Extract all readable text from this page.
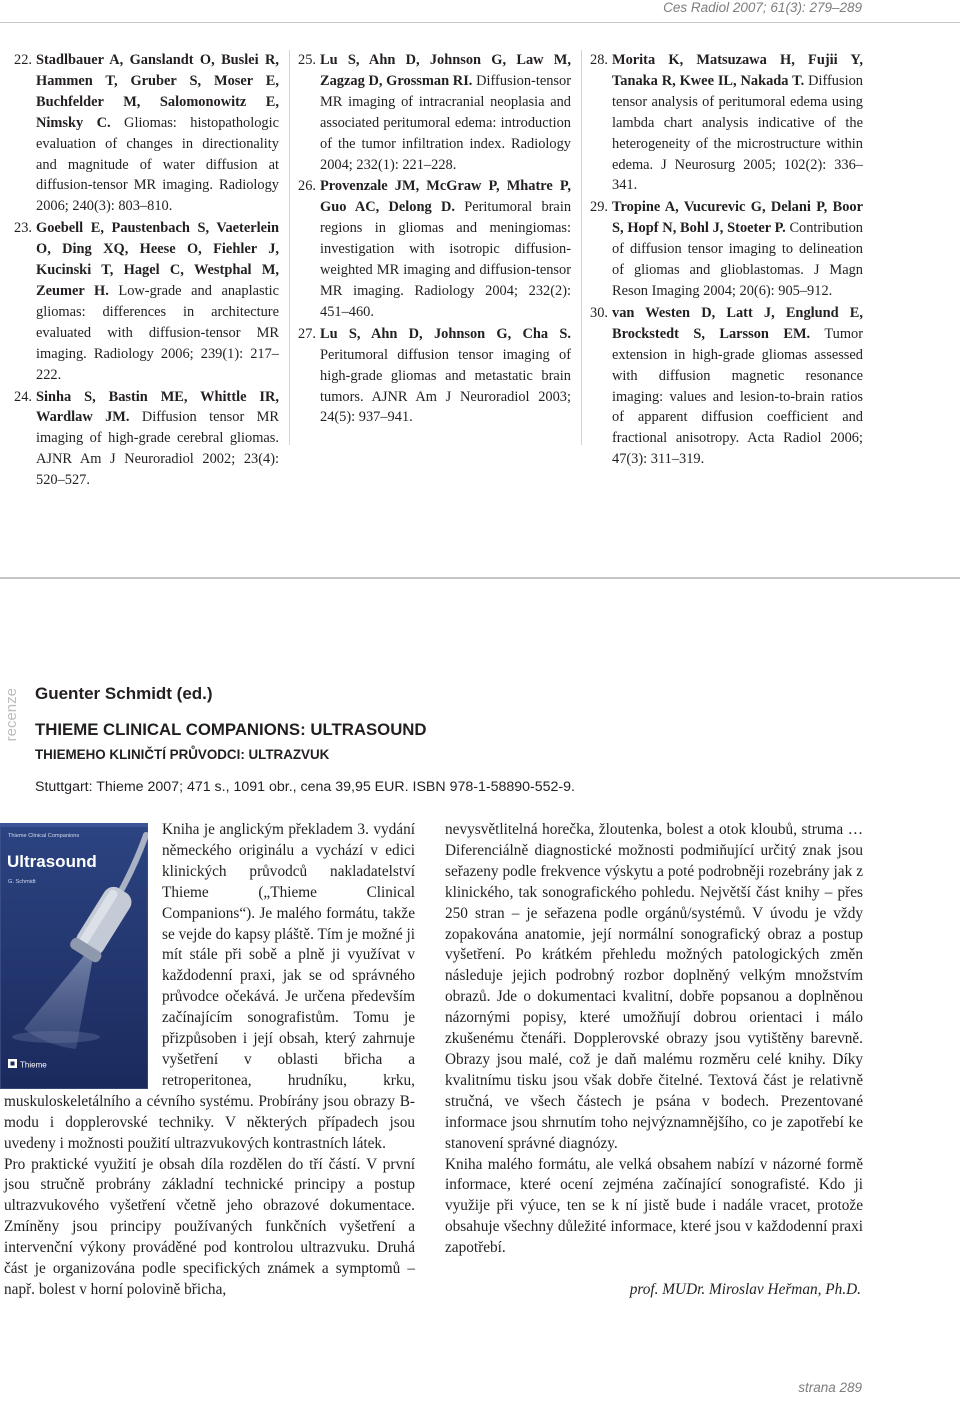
Ces Radiol 2007; 61(3): 279–289
22. Stadlbauer A, Ganslandt O, Buslei R, Hammen T, Gruber S, Moser E, Buchfelder M, Salomonowitz E, Nimsky C. Gliomas: histopathologic evaluation of changes in directionality and magnitude of water diffusion at diffusion-tensor MR imaging. Radiology 2006; 240(3): 803–810.
23. Goebell E, Paustenbach S, Vaeterlein O, Ding XQ, Heese O, Fiehler J, Kucinski T, Hagel C, Westphal M, Zeumer H. Low-grade and anaplastic gliomas: differences in architecture evaluated with diffusion-tensor MR imaging. Radiology 2006; 239(1): 217–222.
24. Sinha S, Bastin ME, Whittle IR, Wardlaw JM. Diffusion tensor MR imaging of high-grade cerebral gliomas. AJNR Am J Neuroradiol 2002; 23(4): 520–527.
25. Lu S, Ahn D, Johnson G, Law M, Zagzag D, Grossman RI. Diffusion-tensor MR imaging of intracranial neoplasia and associated peritumoral edema: introduction of the tumor infiltration index. Radiology 2004; 232(1): 221–228.
26. Provenzale JM, McGraw P, Mhatre P, Guo AC, Delong D. Peritumoral brain regions in gliomas and meningiomas: investigation with isotropic diffusion-weighted MR imaging and diffusion-tensor MR imaging. Radiology 2004; 232(2): 451–460.
27. Lu S, Ahn D, Johnson G, Cha S. Peritumoral diffusion tensor imaging of high-grade gliomas and metastatic brain tumors. AJNR Am J Neuroradiol 2003; 24(5): 937–941.
28. Morita K, Matsuzawa H, Fujii Y, Tanaka R, Kwee IL, Nakada T. Diffusion tensor analysis of peritumoral edema using lambda chart analysis indicative of the heterogeneity of the microstructure within edema. J Neurosurg 2005; 102(2): 336–341.
29. Tropine A, Vucurevic G, Delani P, Boor S, Hopf N, Bohl J, Stoeter P. Contribution of diffusion tensor imaging to delineation of gliomas and glioblastomas. J Magn Reson Imaging 2004; 20(6): 905–912.
30. van Westen D, Latt J, Englund E, Brockstedt S, Larsson EM. Tumor extension in high-grade gliomas assessed with diffusion magnetic resonance imaging: values and lesion-to-brain ratios of apparent diffusion coefficient and fractional anisotropy. Acta Radiol 2006; 47(3): 311–319.
recenze Guenter Schmidt (ed.)
THIEME CLINICAL COMPANIONS: ULTRASOUND
THIEMEHO KLINIČTÍ PRŮVODCI: ULTRAZVUK
Stuttgart: Thieme 2007; 471 s., 1091 obr., cena 39,95 EUR. ISBN 978-1-58890-552-9.
Thieme Clinical Companions
Ultrasound
G. Schmidt
Thieme

Kniha je anglickým překladem 3. vydání německého originálu a vychází v edici klinických průvodců nakladatelství Thieme („Thieme Clinical Companions“). Je malého formátu, takže se vejde do kapsy pláště. Tím je možné ji mít stále při sobě a plně ji využívat v každodenní praxi, jak se od správného průvodce očekává. Je určena především začínajícím sonografistům. Tomu je přizpůsoben i její obsah, který zahrnuje vyšetření v oblasti břicha a retroperitonea, hrudníku, krku, muskuloskeletálního a cévního systému. Probírány jsou obrazy B-modu i dopplerovské techniky. V některých případech jsou uvedeny i možnosti použití ultrazvukových kontrastních látek.

Pro praktické využití je obsah díla rozdělen do tří částí. V první jsou stručně probrány základní technické principy a postup ultrazvukového vyšetření včetně jeho obrazové dokumentace. Zmíněny jsou principy používaných funkčních vyšetření a intervenční výkony prováděné pod kontrolou ultrazvuku. Druhá část je organizována podle specifických známek a symptomů – např. bolest v horní polovině břicha,

nevysvětlitelná horečka, žloutenka, bolest a otok kloubů, struma … Diferenciálně diagnostické možnosti podmiňující určitý znak jsou seřazeny podle frekvence výskytu a poté podrobněji rozebrány jak z klinického, tak sonografického pohledu. Největší část knihy – přes 250 stran – je seřazena podle orgánů/systémů. V úvodu je vždy zopakována anatomie, její normální sonografický obraz a postup vyšetření. Po krátkém přehledu možných patologických změn následuje jejich podrobný rozbor doplněný velkým množstvím obrazů. Jde o dokumentaci kvalitní, dobře popsanou a doplněnou názornými popisy, které umožňují dobrou orientaci i málo zkušenému čtenáři. Dopplerovské obrazy jsou vytištěny barevně. Obrazy jsou malé, což je daň malému rozměru celé knihy. Díky kvalitnímu tisku jsou však dobře čitelné. Textová část je relativně stručná, ve všech částech je psána v bodech. Prezentované informace jsou shrnutím toho nejvýznamnějšího, co je zapotřebí ke stanovení správné diagnózy.

Kniha malého formátu, ale velká obsahem nabízí v názorné formě informace, které ocení zejména začínající sonografisté. Kdo ji využije při výuce, ten se k ní jistě bude i nadále vracet, protože obsahuje všechny důležité informace, které jsou v každodenní praxi zapotřebí.

prof. MUDr. Miroslav Heřman, Ph.D.

strana 289
